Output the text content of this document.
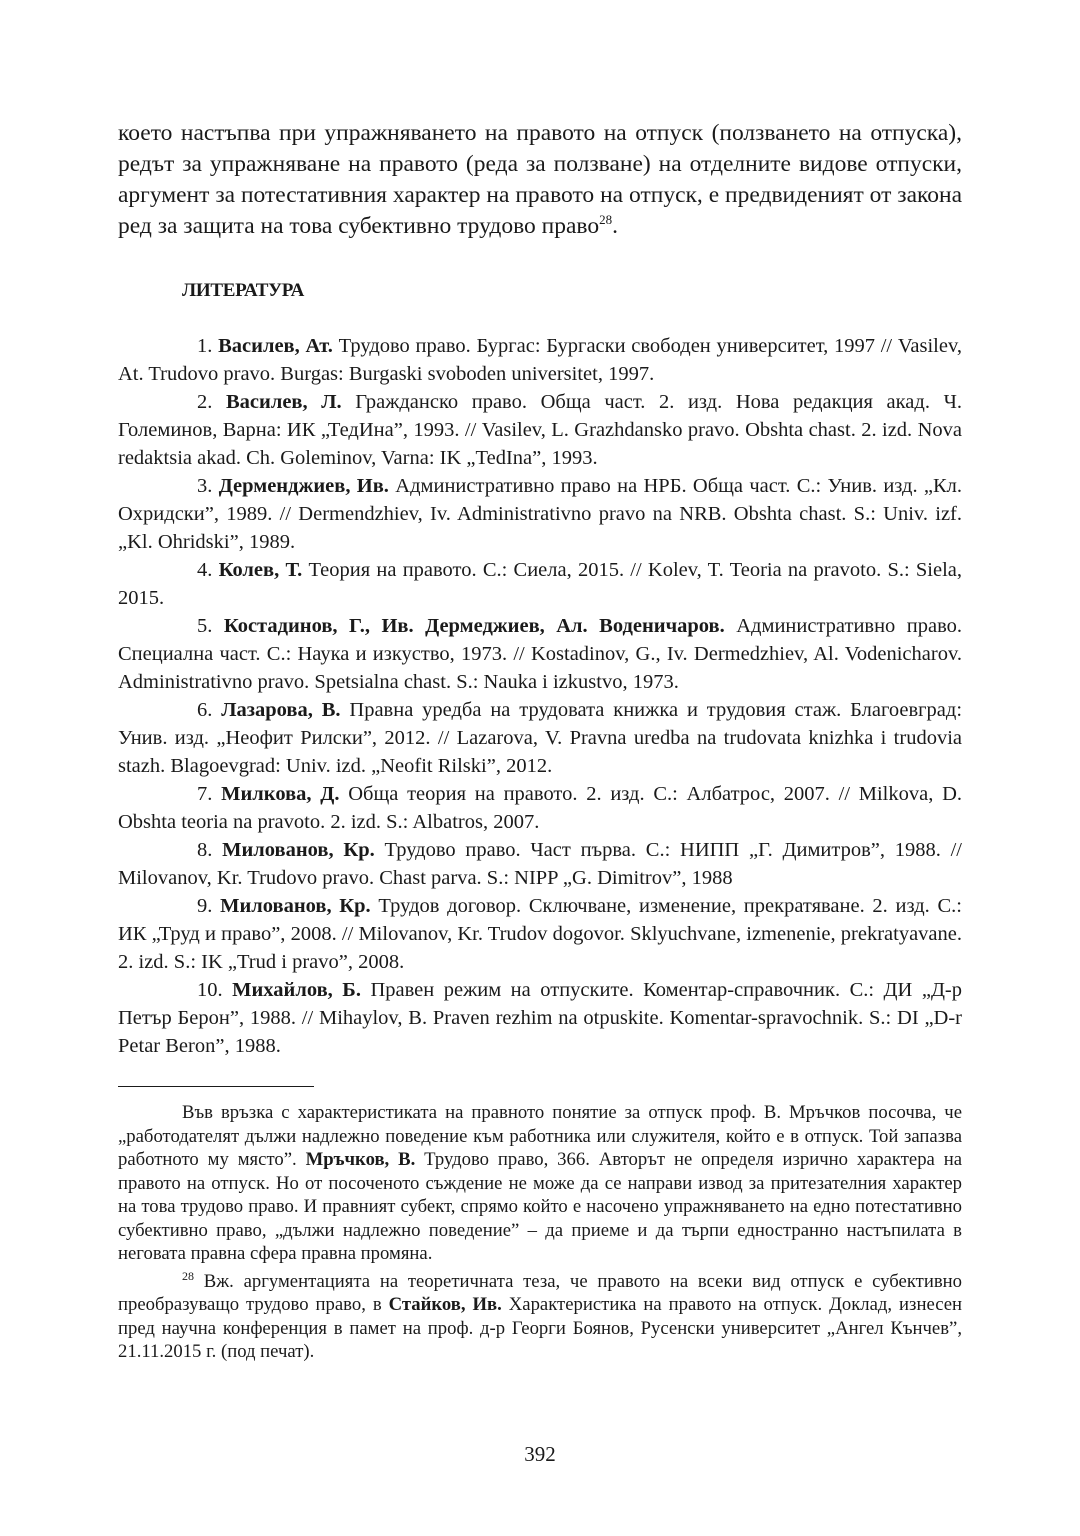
което настъпва при упражняването на правото на отпуск (ползването на отпуска), редът за упражняване на правото (реда за ползване) на отделните видове отпуски, аргумент за потестативния характер на правото на отпуск, е предвиденият от закона ред за защита на това субективно трудово право$^{28}$.

ЛИТЕРАТУРА

1. Василев, Ат. Трудово право. Бургас: Бургаски свободен университет, 1997 // Vasilev, At. Trudovo pravo. Burgas: Burgaski svoboden universitet, 1997.

2. Василев, Л. Гражданско право. Обща част. 2. изд. Нова редакция акад. Ч. Големинов, Варна: ИК „ТедИна”, 1993. // Vasilev, L. Grazhdansko pravo. Obshta chast. 2. izd. Nova redaktsia akad. Ch. Goleminov, Varna: IK „TedIna”, 1993.

3. Дерменджиев, Ив. Административно право на НРБ. Обща част. С.: Унив. изд. „Кл. Охридски”, 1989. // Dermendzhiev, Iv. Administrativno pravo na NRB. Obshta chast. S.: Univ. izf. „Kl. Ohridski”, 1989.

4. Колев, Т. Теория на правото. С.: Сиела, 2015. // Kolev, T. Teoria na pravoto. S.: Siela, 2015.

5. Костадинов, Г., Ив. Дермеджиев, Ал. Воденичаров. Административно право. Специална част. С.: Наука и изкуство, 1973. // Kostadinov, G., Iv. Dermedzhiev, Al. Vodenicharov. Administrativno pravo. Spetsialna chast. S.: Nauka i izkustvo, 1973.

6. Лазарова, В. Правна уредба на трудовата книжка и трудовия стаж. Благоевград: Унив. изд. „Неофит Рилски”, 2012. // Lazarova, V. Pravna uredba na trudovata knizhka i trudovia stazh. Blagoevgrad: Univ. izd. „Neofit Rilski”, 2012.

7. Милкова, Д. Обща теория на правото. 2. изд. С.: Албатрос, 2007. // Milkova, D. Obshta teoria na pravoto. 2. izd. S.: Albatros, 2007.

8. Милованов, Кр. Трудово право. Част първа. С.: НИПП „Г. Димитров”, 1988. // Milovanov, Kr. Trudovo pravo. Chast parva. S.: NIPP „G. Dimitrov”, 1988

9. Милованов, Кр. Трудов договор. Сключване, изменение, прекратяване. 2. изд. С.: ИК „Труд и право”, 2008. // Milovanov, Kr. Trudov dogovor. Sklyuchvane, izmenenie, prekratyavane. 2. izd. S.: IK „Trud i pravo”, 2008.

10. Михайлов, Б. Правен режим на отпуските. Коментар-справочник. С.: ДИ „Д-р Петър Берон”, 1988. // Mihaylov, B. Praven rezhim na otpuskite. Komentar-spravochnik. S.: DI „D-r Petar Beron”, 1988.

Във връзка с характеристиката на правното понятие за отпуск проф. В. Мръчков посочва, че „работодателят дължи надлежно поведение към работника или служителя, който е в отпуск. Той запазва работното му място”. Мръчков, В. Трудово право, 366. Авторът не определя изрично характера на правото на отпуск. Но от посоченото съждение не може да се направи извод за притезателния характер на това трудово право. И правният субект, спрямо който е насочено упражняването на едно потестативно субективно право, „дължи надлежно поведение” – да приеме и да търпи едностранно настъпилата в неговата правна сфера правна промяна.

$^{28}$ Вж. аргументацията на теоретичната теза, че правото на всеки вид отпуск е субективно преобразуващо трудово право, в Стайков, Ив. Характеристика на правото на отпуск. Доклад, изнесен пред научна конференция в памет на проф. д-р Георги Боянов, Русенски университет „Ангел Кънчев”, 21.11.2015 г. (под печат).

392
